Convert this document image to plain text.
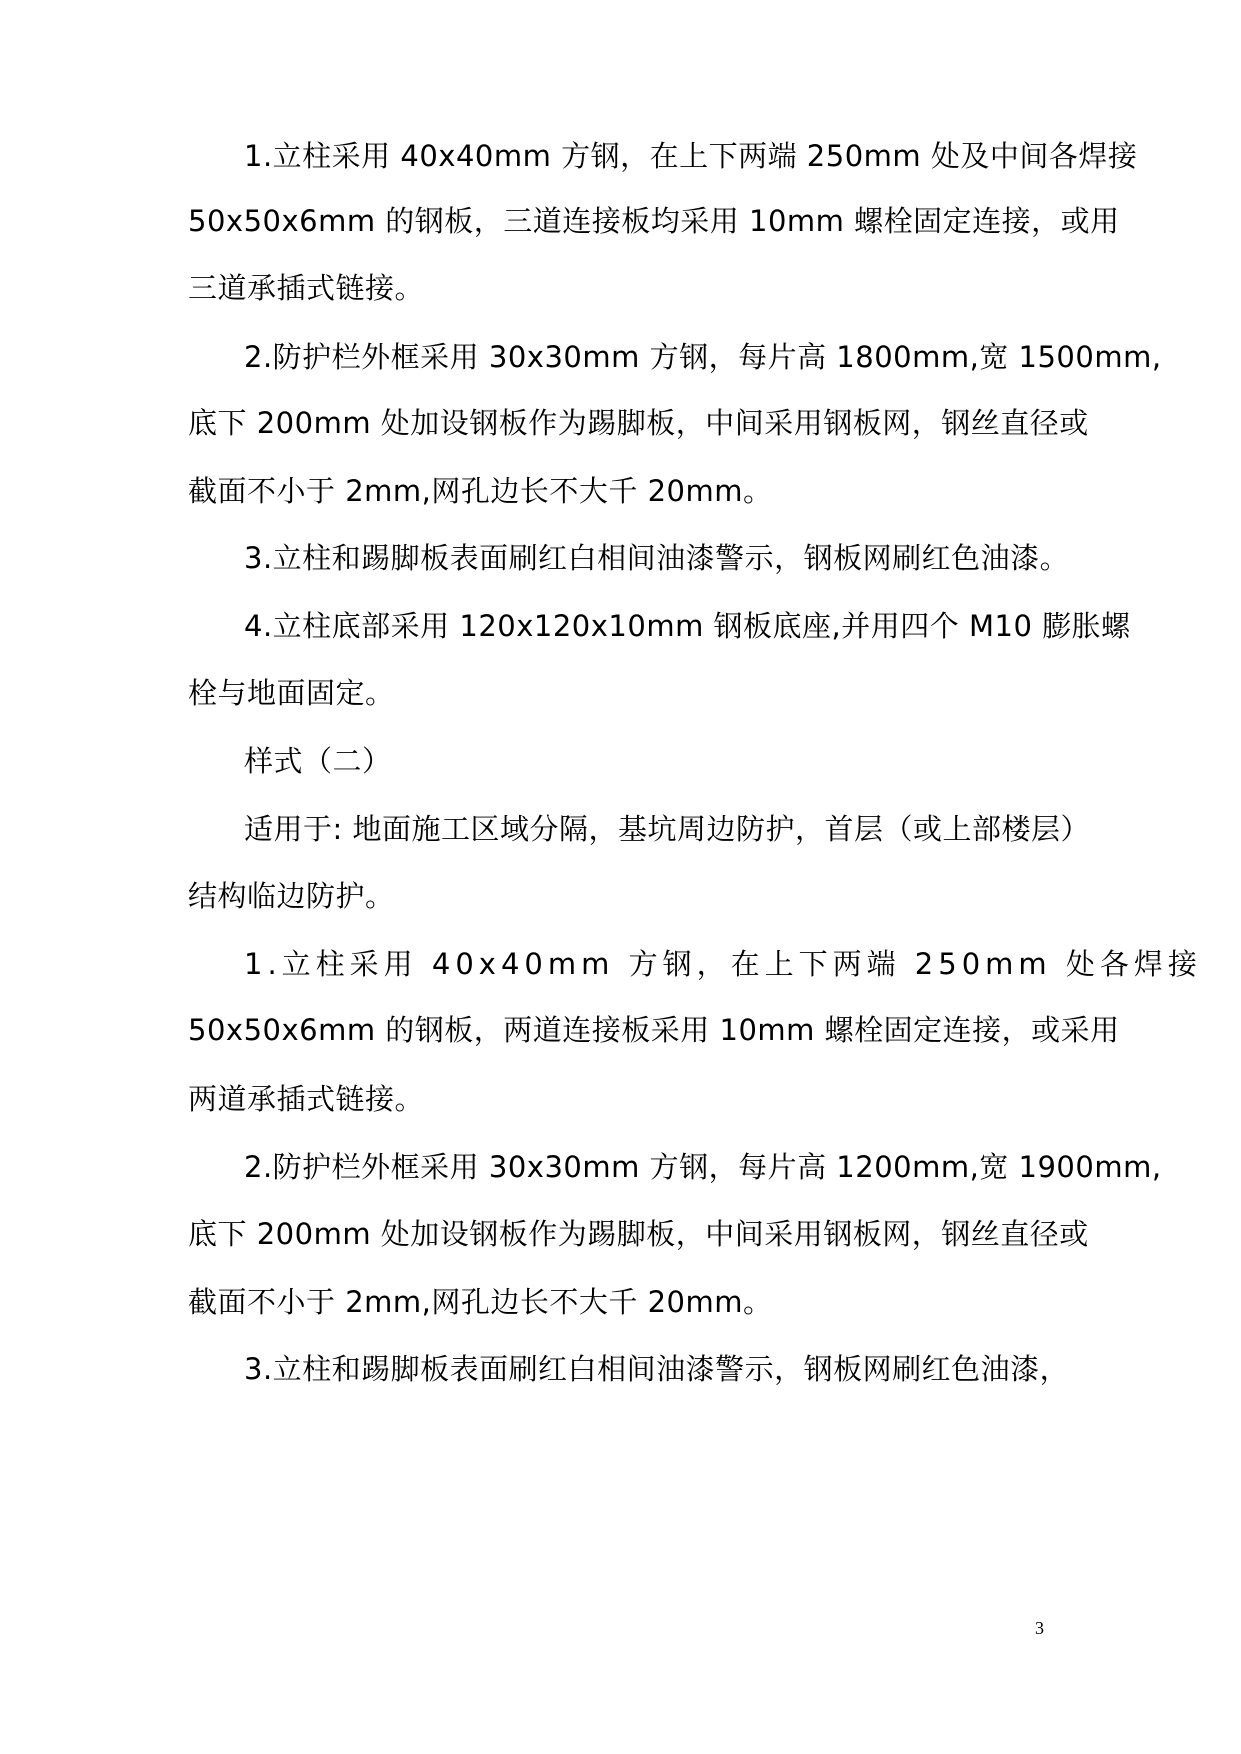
1.立柱采用 40x40mm 方钢，在上下两端 250mm 处及中间各焊接
50x50x6mm 的钢板，三道连接板均采用 10mm 螺栓固定连接，或用
三道承插式链接。
2.防护栏外框采用 30x30mm 方钢，每片高 1800mm,宽 1500mm,
底下 200mm 处加设钢板作为踢脚板，中间采用钢板网，钢丝直径或
截面不小于 2mm,网孔边长不大千 20mm。
3.立柱和踢脚板表面刷红白相间油漆警示，钢板网刷红色油漆。
4.立柱底部采用 120x120x10mm 钢板底座,并用四个 M10 膨胀螺
栓与地面固定。
样式（二）
适用于: 地面施工区域分隔，基坑周边防护，首层（或上部楼层）
结构临边防护。
1.立柱采用 40x40mm 方钢，在上下两端 250mm 处各焊接
50x50x6mm 的钢板，两道连接板采用 10mm 螺栓固定连接，或采用
两道承插式链接。
2.防护栏外框采用 30x30mm 方钢，每片高 1200mm,宽 1900mm,
底下 200mm 处加设钢板作为踢脚板，中间采用钢板网，钢丝直径或
截面不小于 2mm,网孔边长不大千 20mm。
3.立柱和踢脚板表面刷红白相间油漆警示，钢板网刷红色油漆，
3
